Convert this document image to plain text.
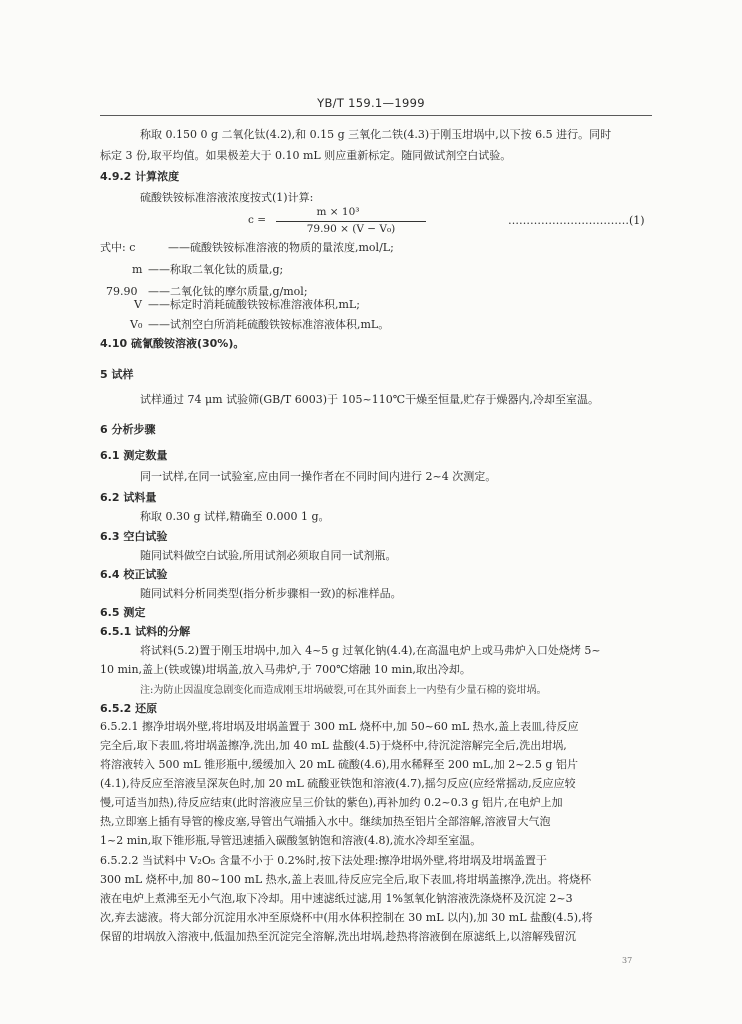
YB/T 159.1—1999
称取 0.150 0 g 二氧化钛(4.2),和 0.15 g 三氧化二铁(4.3)于刚玉坩埚中,以下按 6.5 进行。同时
标定 3 份,取平均值。如果极差大于 0.10 mL 则应重新标定。随同做试剂空白试验。
4.9.2 计算浓度
硫酸铁铵标准溶液浓度按式(1)计算:
c =
m × 10³
79.90 × (V − V₀)
……………………………(1)
式中: c	——硫酸铁铵标准溶液的物质的量浓度,mol/L;
m ——称取二氧化钛的质量,g;
79.90 ——二氧化钛的摩尔质量,g/mol;
V ——标定时消耗硫酸铁铵标准溶液体积,mL;
V₀ ——试剂空白所消耗硫酸铁铵标准溶液体积,mL。
4.10 硫氰酸铵溶液(30%)。
5 试样
试样通过 74 μm 试验筛(GB/T 6003)于 105~110℃干燥至恒量,贮存于燥器内,冷却至室温。
6 分析步骤
6.1 测定数量
同一试样,在同一试验室,应由同一操作者在不同时间内进行 2~4 次测定。
6.2 试料量
称取 0.30 g 试样,精确至 0.000 1 g。
6.3 空白试验
随同试料做空白试验,所用试剂必须取自同一试剂瓶。
6.4 校正试验
随同试料分析同类型(指分析步骤相一致)的标准样品。
6.5 测定
6.5.1 试料的分解
将试料(5.2)置于刚玉坩埚中,加入 4~5 g 过氧化钠(4.4),在高温电炉上或马弗炉入口处烧烤 5~
10 min,盖上(铁或镍)坩埚盖,放入马弗炉,于 700℃熔融 10 min,取出冷却。
注:为防止因温度急剧变化而造成刚玉坩埚破裂,可在其外面套上一内垫有少量石棉的瓷坩埚。
6.5.2 还原
6.5.2.1 擦净坩埚外壁,将坩埚及坩埚盖置于 300 mL 烧杯中,加 50~60 mL 热水,盖上表皿,待反应
完全后,取下表皿,将坩埚盖擦净,洗出,加 40 mL 盐酸(4.5)于烧杯中,待沉淀溶解完全后,洗出坩埚,
将溶液转入 500 mL 锥形瓶中,缓缓加入 20 mL 硫酸(4.6),用水稀释至 200 mL,加 2~2.5 g 铝片
(4.1),待反应至溶液呈深灰色时,加 20 mL 硫酸亚铁饱和溶液(4.7),摇匀反应(应经常摇动,反应应较
慢,可适当加热),待反应结束(此时溶液应呈三价钛的紫色),再补加约 0.2~0.3 g 铝片,在电炉上加
热,立即塞上插有导管的橡皮塞,导管出气端插入水中。继续加热至铝片全部溶解,溶液冒大气泡
1~2 min,取下锥形瓶,导管迅速插入碳酸氢钠饱和溶液(4.8),流水冷却至室温。
6.5.2.2 当试料中 V₂O₅ 含量不小于 0.2%时,按下法处理:擦净坩埚外壁,将坩埚及坩埚盖置于
300 mL 烧杯中,加 80~100 mL 热水,盖上表皿,待反应完全后,取下表皿,将坩埚盖擦净,洗出。将烧杯
液在电炉上煮沸至无小气泡,取下冷却。用中速滤纸过滤,用 1%氢氧化钠溶液洗涤烧杯及沉淀 2~3
次,弃去滤液。将大部分沉淀用水冲至原烧杯中(用水体积控制在 30 mL 以内),加 30 mL 盐酸(4.5),将
保留的坩埚放入溶液中,低温加热至沉淀完全溶解,洗出坩埚,趁热将溶液倒在原滤纸上,以溶解残留沉
37
